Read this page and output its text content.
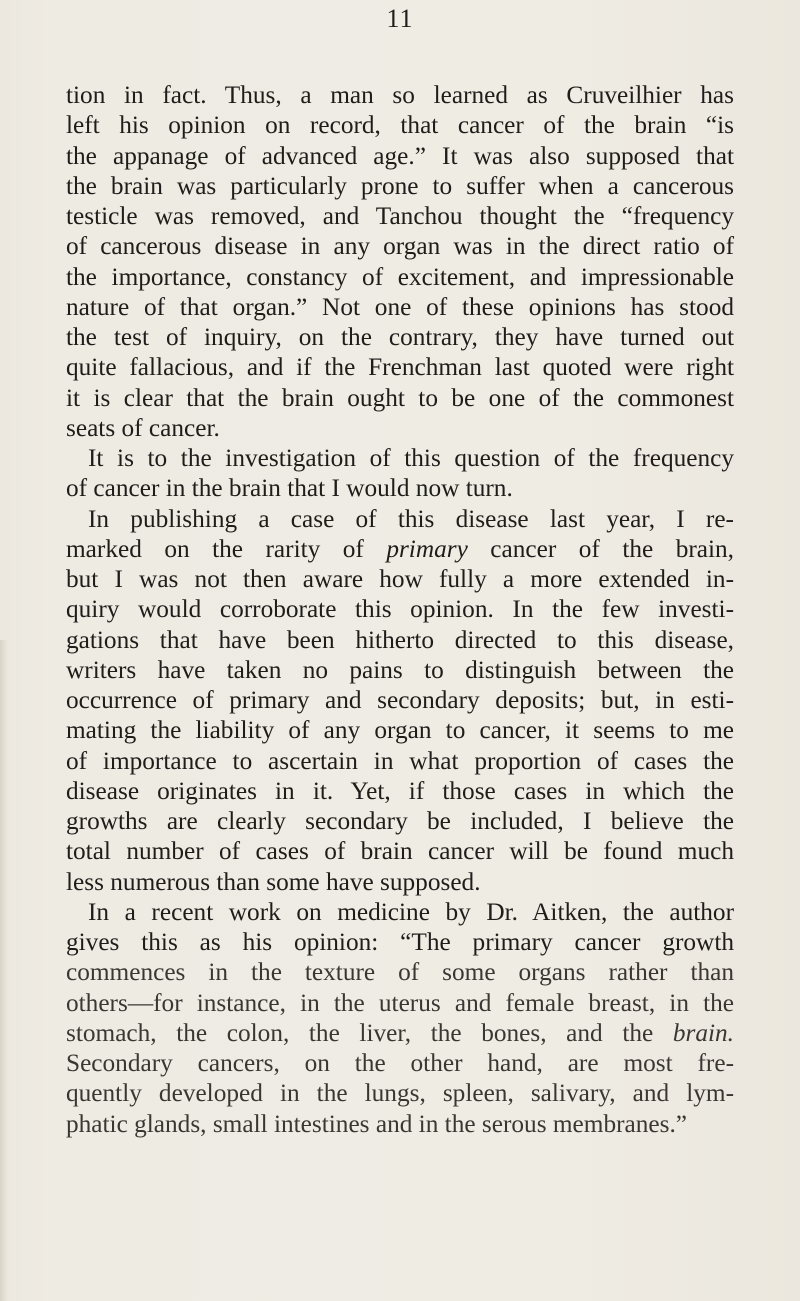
11
tion in fact. Thus, a man so learned as Cruveilhier has
left his opinion on record, that cancer of the brain “is
the appanage of advanced age.” It was also supposed that
the brain was particularly prone to suffer when a cancerous
testicle was removed, and Tanchou thought the “frequency
of cancerous disease in any organ was in the direct ratio of
the importance, constancy of excitement, and impressionable
nature of that organ.” Not one of these opinions has stood
the test of inquiry, on the contrary, they have turned out
quite fallacious, and if the Frenchman last quoted were right
it is clear that the brain ought to be one of the commonest
seats of cancer.
It is to the investigation of this question of the frequency
of cancer in the brain that I would now turn.
In publishing a case of this disease last year, I re-
marked on the rarity of primary cancer of the brain,
but I was not then aware how fully a more extended in-
quiry would corroborate this opinion. In the few investi-
gations that have been hitherto directed to this disease,
writers have taken no pains to distinguish between the
occurrence of primary and secondary deposits; but, in esti-
mating the liability of any organ to cancer, it seems to me
of importance to ascertain in what proportion of cases the
disease originates in it. Yet, if those cases in which the
growths are clearly secondary be included, I believe the
total number of cases of brain cancer will be found much
less numerous than some have supposed.
In a recent work on medicine by Dr. Aitken, the author
gives this as his opinion: “The primary cancer growth
commences in the texture of some organs rather than
others—for instance, in the uterus and female breast, in the
stomach, the colon, the liver, the bones, and the brain.
Secondary cancers, on the other hand, are most fre-
quently developed in the lungs, spleen, salivary, and lym-
phatic glands, small intestines and in the serous membranes.”
